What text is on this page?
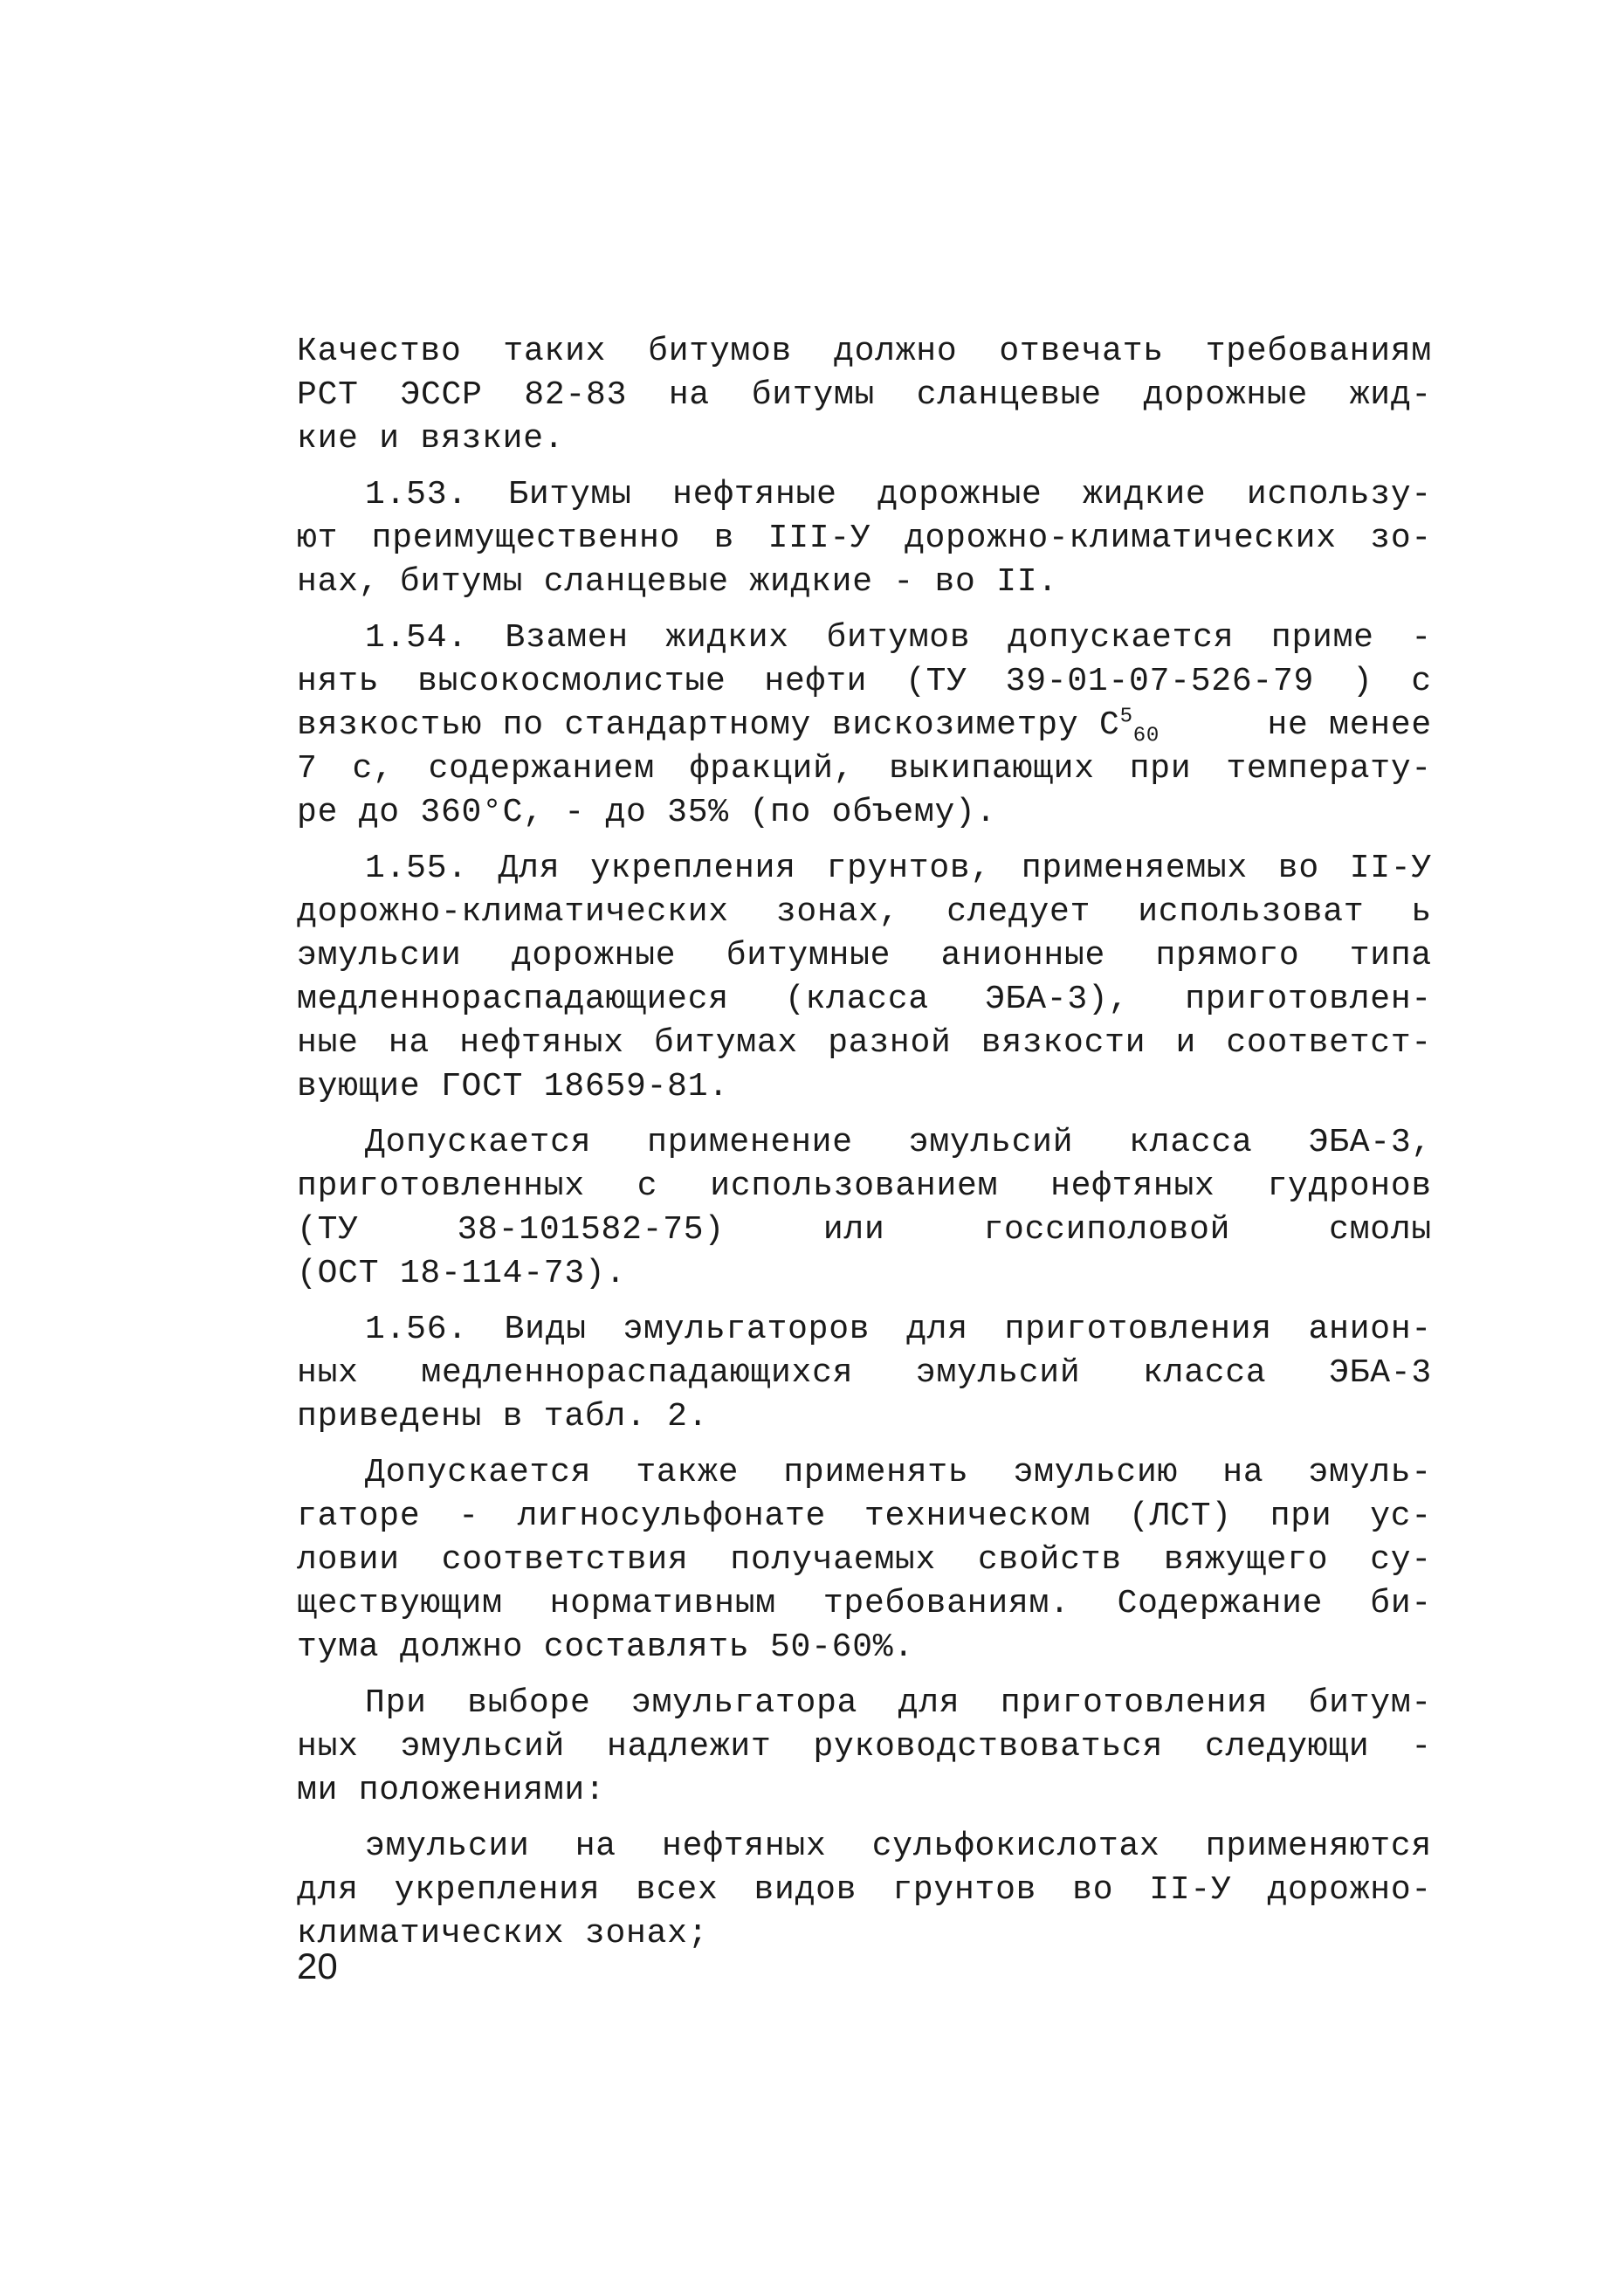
Качество таких битумов должно отвечать требованиям
РСТ ЭССР 82-83 на битумы сланцевые дорожные жид-
кие и вязкие.
1.53. Битумы нефтяные дорожные жидкие использу-
ют преимущественно в III-У дорожно-климатических зо-
нах, битумы сланцевые жидкие - во II.
1.54. Взамен жидких битумов допускается приме -
нять высокосмолистые нефти (ТУ 39-01-07-526-79 ) с
вязкостью по стандартному вискозиметру $C^5_{60}$	не менее
7 с, содержанием фракций, выкипающих при температу-
ре до 360°С, - до 35% (по объему).
1.55. Для укрепления грунтов, применяемых во II-У
дорожно-климатических зонах, следует использоват ь
эмульсии дорожные битумные анионные прямого типа
медленнораспадающиеся (класса ЭБА-3), приготовлен-
ные на нефтяных битумах разной вязкости и соответст-
вующие ГОСТ 18659-81.
Допускается применение эмульсий класса ЭБА-3,
приготовленных с использованием нефтяных гудронов
(ТУ	38-101582-75)	или	госсиполовой	смолы
(ОСТ 18-114-73).
1.56. Виды эмульгаторов для приготовления анион-
ных медленнораспадающихся эмульсий класса ЭБА-3
приведены в табл. 2.
Допускается также применять эмульсию на эмуль-
гаторе - лигносульфонате техническом (ЛСТ) при ус-
ловии соответствия получаемых свойств вяжущего су-
ществующим нормативным требованиям. Содержание би-
тума должно составлять 50-60%.
При выборе эмульгатора для приготовления битум-
ных эмульсий надлежит руководствоваться следующи -
ми положениями:
эмульсии на нефтяных сульфокислотах применяются
для укрепления всех видов грунтов во II-У дорожно-
климатических зонах;
20
